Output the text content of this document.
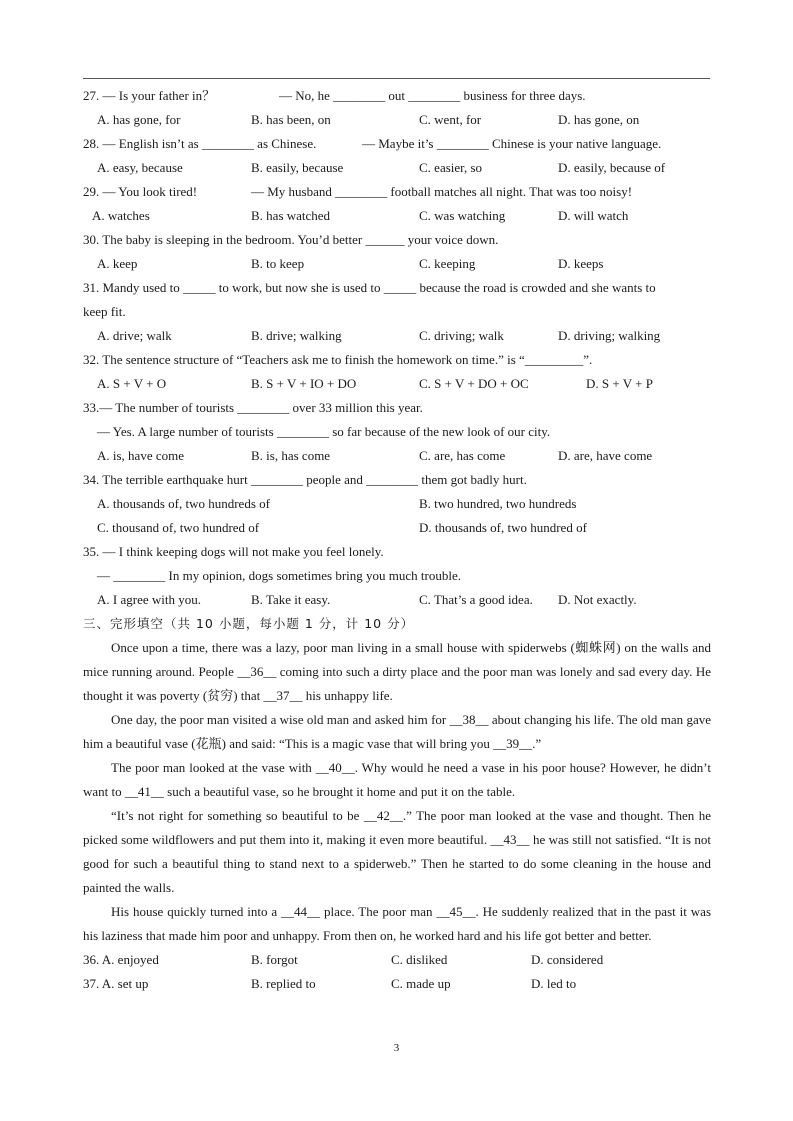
27. — Is your father in？	— No, he ________ out ________ business for three days.
A. has gone, for	B. has been, on	C. went, for	D. has gone, on
28. — English isn’t as ________ as Chinese.	— Maybe it’s ________ Chinese is your native language.
A. easy, because	B. easily, because	C. easier, so	D. easily, because of
29. — You look tired!	— My husband ________ football matches all night. That was too noisy!
A. watches	B. has watched	C. was watching	D. will watch
30. The baby is sleeping in the bedroom. You’d better ______ your voice down.
A. keep	B. to keep	C. keeping	D. keeps
31. Mandy used to _____ to work, but now she is used to _____ because the road is crowded and she wants to
keep fit.
A. drive; walk	B. drive; walking	C. driving; walk	D. driving; walking
32. The sentence structure of “Teachers ask me to finish the homework on time.” is “_________”.
A. S + V + O	B. S + V + IO + DO	C. S + V + DO + OC	D. S + V + P
33.— The number of tourists ________ over 33 million this year.
— Yes. A large number of tourists ________ so far because of the new look of our city.
A. is, have come	B. is, has come	C. are, has come	D. are, have come
34. The terrible earthquake hurt ________ people and ________ them got badly hurt.
A. thousands of, two hundreds of	B. two hundred, two hundreds
C. thousand of, two hundred of	D. thousands of, two hundred of
35. — I think keeping dogs will not make you feel lonely.
— ________ In my opinion, dogs sometimes bring you much trouble.
A. I agree with you.	B. Take it easy.	C. That’s a good idea. D. Not exactly.
三、完形填空（共 10 小题，每小题 1 分，计 10 分）

Once upon a time, there was a lazy, poor man living in a small house with spiderwebs (蜘蛛网) on the walls and mice running around. People __36__ coming into such a dirty place and the poor man was lonely and sad every day. He thought it was poverty (贫穷) that __37__ his unhappy life.

One day, the poor man visited a wise old man and asked him for __38__ about changing his life. The old man gave him a beautiful vase (花瓶) and said: “This is a magic vase that will bring you __39__.”

The poor man looked at the vase with __40__. Why would he need a vase in his poor house? However, he didn’t want to __41__ such a beautiful vase, so he brought it home and put it on the table.

“It’s not right for something so beautiful to be __42__.” The poor man looked at the vase and thought. Then he picked some wildflowers and put them into it, making it even more beautiful. __43__ he was still not satisfied. “It is not good for such a beautiful thing to stand next to a spiderweb.” Then he started to do some cleaning in the house and painted the walls.

His house quickly turned into a __44__ place. The poor man __45__. He suddenly realized that in the past it was his laziness that made him poor and unhappy. From then on, he worked hard and his life got better and better.

36. A. enjoyed	B. forgot	C. disliked	D. considered
37. A. set up	B. replied to	C. made up	D. led to
3
